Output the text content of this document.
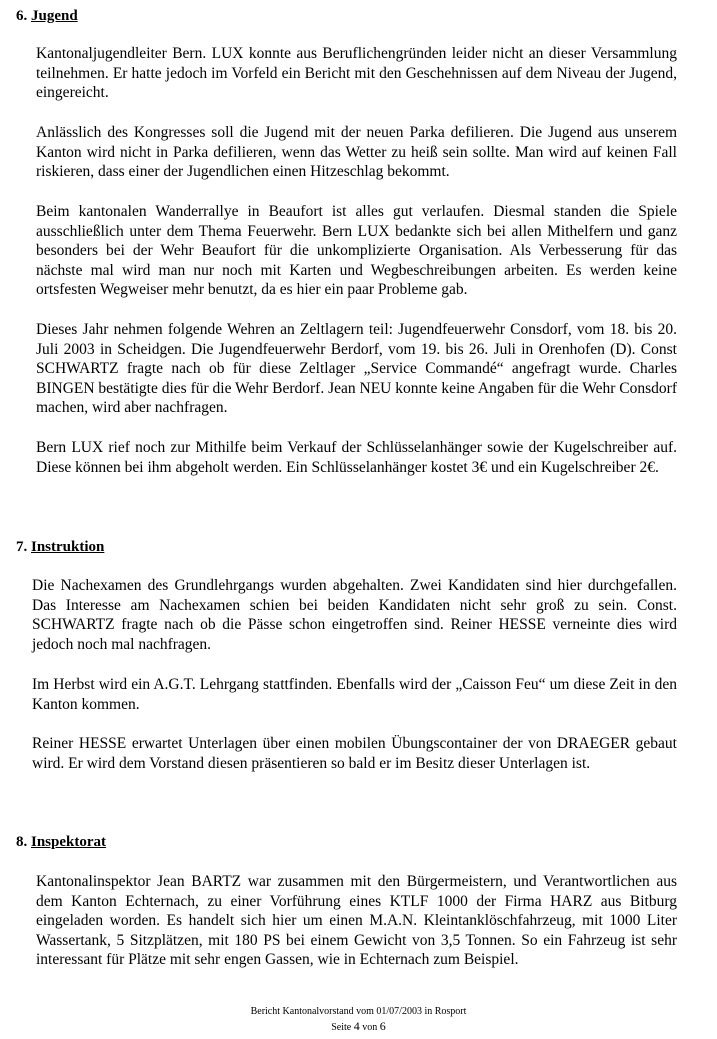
6. Jugend
Kantonaljugendleiter Bern. LUX konnte aus Beruflichengründen leider nicht an dieser Versammlung teilnehmen. Er hatte jedoch im Vorfeld ein Bericht mit den Geschehnissen auf dem Niveau der Jugend, eingereicht.
Anlässlich des Kongresses soll die Jugend mit der neuen Parka defilieren. Die Jugend aus unserem Kanton wird nicht in Parka defilieren, wenn das Wetter zu heiß sein sollte. Man wird auf keinen Fall riskieren, dass einer der Jugendlichen einen Hitzeschlag bekommt.
Beim kantonalen Wanderrallye in Beaufort ist alles gut verlaufen. Diesmal standen die Spiele ausschließlich unter dem Thema Feuerwehr. Bern LUX bedankte sich bei allen Mithelfern und ganz besonders bei der Wehr Beaufort für die unkomplizierte Organisation. Als Verbesserung für das nächste mal wird man nur noch mit Karten und Wegbeschreibungen arbeiten. Es werden keine ortsfesten Wegweiser mehr benutzt, da es hier ein paar Probleme gab.
Dieses Jahr nehmen folgende Wehren an Zeltlagern teil: Jugendfeuerwehr Consdorf, vom 18. bis 20. Juli 2003 in Scheidgen. Die Jugendfeuerwehr Berdorf, vom 19. bis 26. Juli in Orenhofen (D). Const SCHWARTZ fragte nach ob für diese Zeltlager „Service Commandé“ angefragt wurde. Charles BINGEN bestätigte dies für die Wehr Berdorf. Jean NEU konnte keine Angaben für die Wehr Consdorf machen, wird aber nachfragen.
Bern LUX rief noch zur Mithilfe beim Verkauf der Schlüsselanhänger sowie der Kugelschreiber auf. Diese können bei ihm abgeholt werden. Ein Schlüsselanhänger kostet 3€ und ein Kugelschreiber 2€.
7. Instruktion
Die Nachexamen des Grundlehrgangs wurden abgehalten. Zwei Kandidaten sind hier durchgefallen. Das Interesse am Nachexamen schien bei beiden Kandidaten nicht sehr groß zu sein. Const. SCHWARTZ fragte nach ob die Pässe schon eingetroffen sind. Reiner HESSE verneinte dies wird jedoch noch mal nachfragen.
Im Herbst wird ein A.G.T. Lehrgang stattfinden. Ebenfalls wird der „Caisson Feu“ um diese Zeit in den Kanton kommen.
Reiner HESSE erwartet Unterlagen über einen mobilen Übungscontainer der von DRAEGER gebaut wird. Er wird dem Vorstand diesen präsentieren so bald er im Besitz dieser Unterlagen ist.
8. Inspektorat
Kantonalinspektor Jean BARTZ war zusammen mit den Bürgermeistern, und Verantwortlichen aus dem Kanton Echternach, zu einer Vorführung eines KTLF 1000 der Firma HARZ aus Bitburg eingeladen worden. Es handelt sich hier um einen M.A.N. Kleintanklöschfahrzeug, mit 1000 Liter Wassertank, 5 Sitzplätzen, mit 180 PS bei einem Gewicht von 3,5 Tonnen. So ein Fahrzeug ist sehr interessant für Plätze mit sehr engen Gassen, wie in Echternach zum Beispiel.
Bericht Kantonalvorstand vom 01/07/2003 in Rosport
Seite 4 von 6
